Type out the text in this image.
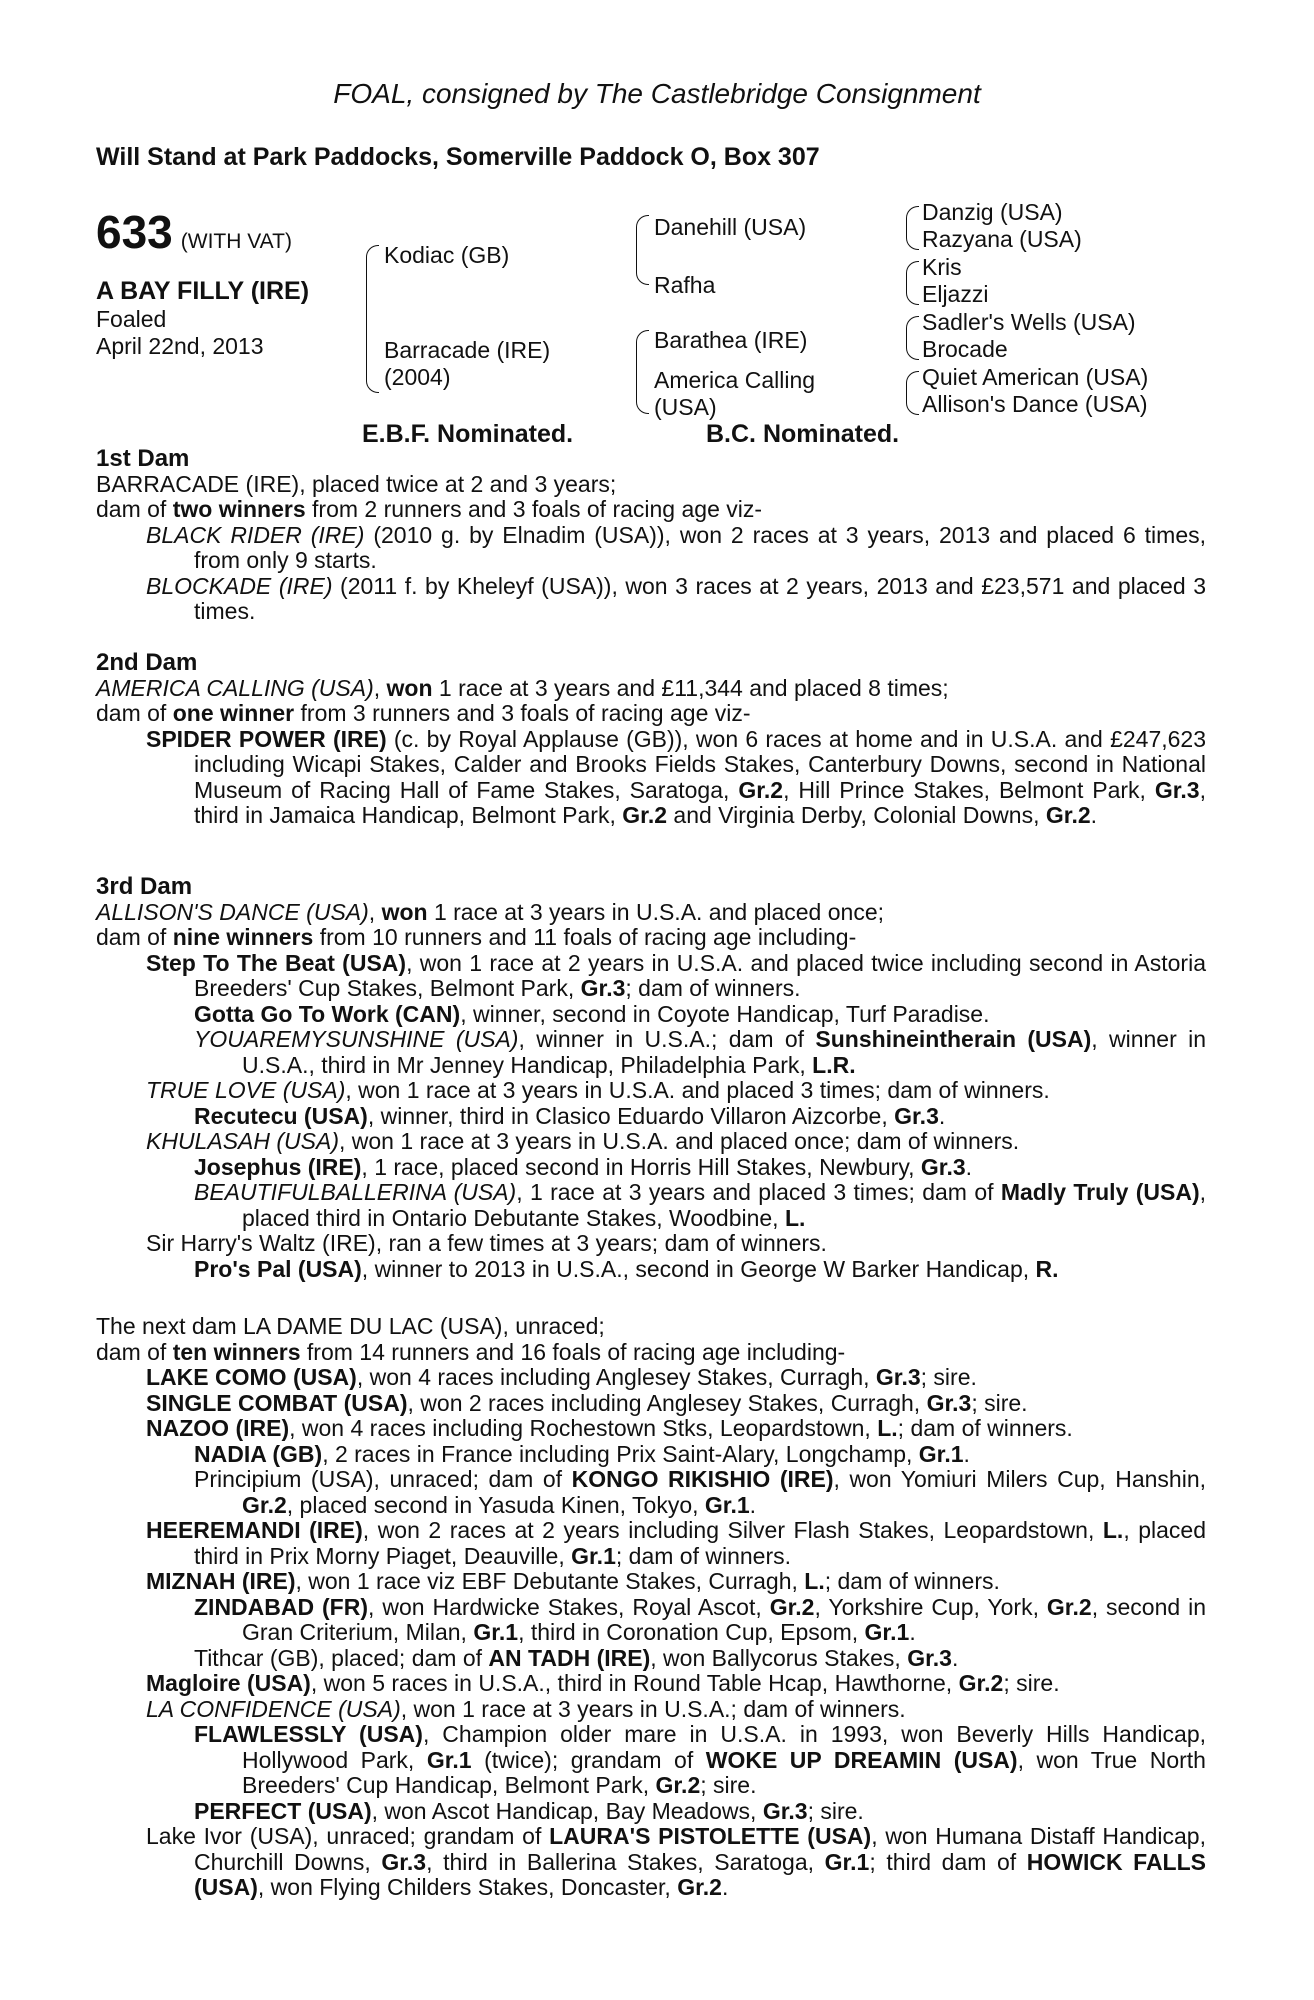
FOAL, consigned by The Castlebridge Consignment
Will Stand at Park Paddocks, Somerville Paddock O, Box 307
633 (WITH VAT)
A BAY FILLY (IRE)
Foaled
April 22nd, 2013
Kodiac (GB)
Barracade (IRE)
(2004)
Danehill (USA)
Rafha
Barathea (IRE)
America Calling
(USA)
Danzig (USA)
Razyana (USA)
Kris
Eljazzi
Sadler's Wells (USA)
Brocade
Quiet American (USA)
Allison's Dance (USA)
E.B.F. Nominated.	B.C. Nominated.

1st Dam

BARRACADE (IRE), placed twice at 2 and 3 years;

dam of two winners from 2 runners and 3 foals of racing age viz-

BLACK RIDER (IRE) (2010 g. by Elnadim (USA)), won 2 races at 3 years, 2013 and placed 6 times, from only 9 starts.

BLOCKADE (IRE) (2011 f. by Kheleyf (USA)), won 3 races at 2 years, 2013 and £23,571 and placed 3 times.

2nd Dam

AMERICA CALLING (USA), won 1 race at 3 years and £11,344 and placed 8 times;

dam of one winner from 3 runners and 3 foals of racing age viz-

SPIDER POWER (IRE) (c. by Royal Applause (GB)), won 6 races at home and in U.S.A. and £247,623 including Wicapi Stakes, Calder and Brooks Fields Stakes, Canterbury Downs, second in National Museum of Racing Hall of Fame Stakes, Saratoga, Gr.2, Hill Prince Stakes, Belmont Park, Gr.3, third in Jamaica Handicap, Belmont Park, Gr.2 and Virginia Derby, Colonial Downs, Gr.2.

3rd Dam

ALLISON'S DANCE (USA), won 1 race at 3 years in U.S.A. and placed once;

dam of nine winners from 10 runners and 11 foals of racing age including-

Step To The Beat (USA), won 1 race at 2 years in U.S.A. and placed twice including second in Astoria Breeders' Cup Stakes, Belmont Park, Gr.3; dam of winners.

Gotta Go To Work (CAN), winner, second in Coyote Handicap, Turf Paradise.

YOUAREMYSUNSHINE (USA), winner in U.S.A.; dam of Sunshineintherain (USA), winner in U.S.A., third in Mr Jenney Handicap, Philadelphia Park, L.R.

TRUE LOVE (USA), won 1 race at 3 years in U.S.A. and placed 3 times; dam of winners.

Recutecu (USA), winner, third in Clasico Eduardo Villaron Aizcorbe, Gr.3.

KHULASAH (USA), won 1 race at 3 years in U.S.A. and placed once; dam of winners.

Josephus (IRE), 1 race, placed second in Horris Hill Stakes, Newbury, Gr.3.

BEAUTIFULBALLERINA (USA), 1 race at 3 years and placed 3 times; dam of Madly Truly (USA), placed third in Ontario Debutante Stakes, Woodbine, L.

Sir Harry's Waltz (IRE), ran a few times at 3 years; dam of winners.

Pro's Pal (USA), winner to 2013 in U.S.A., second in George W Barker Handicap, R.

The next dam LA DAME DU LAC (USA), unraced;

dam of ten winners from 14 runners and 16 foals of racing age including-

LAKE COMO (USA), won 4 races including Anglesey Stakes, Curragh, Gr.3; sire.

SINGLE COMBAT (USA), won 2 races including Anglesey Stakes, Curragh, Gr.3; sire.

NAZOO (IRE), won 4 races including Rochestown Stks, Leopardstown, L.; dam of winners.

NADIA (GB), 2 races in France including Prix Saint-Alary, Longchamp, Gr.1.

Principium (USA), unraced; dam of KONGO RIKISHIO (IRE), won Yomiuri Milers Cup, Hanshin, Gr.2, placed second in Yasuda Kinen, Tokyo, Gr.1.

HEEREMANDI (IRE), won 2 races at 2 years including Silver Flash Stakes, Leopardstown, L., placed third in Prix Morny Piaget, Deauville, Gr.1; dam of winners.

MIZNAH (IRE), won 1 race viz EBF Debutante Stakes, Curragh, L.; dam of winners.

ZINDABAD (FR), won Hardwicke Stakes, Royal Ascot, Gr.2, Yorkshire Cup, York, Gr.2, second in Gran Criterium, Milan, Gr.1, third in Coronation Cup, Epsom, Gr.1.

Tithcar (GB), placed; dam of AN TADH (IRE), won Ballycorus Stakes, Gr.3.

Magloire (USA), won 5 races in U.S.A., third in Round Table Hcap, Hawthorne, Gr.2; sire.

LA CONFIDENCE (USA), won 1 race at 3 years in U.S.A.; dam of winners.

FLAWLESSLY (USA), Champion older mare in U.S.A. in 1993, won Beverly Hills Handicap, Hollywood Park, Gr.1 (twice); grandam of WOKE UP DREAMIN (USA), won True North Breeders' Cup Handicap, Belmont Park, Gr.2; sire.

PERFECT (USA), won Ascot Handicap, Bay Meadows, Gr.3; sire.

Lake Ivor (USA), unraced; grandam of LAURA'S PISTOLETTE (USA), won Humana Distaff Handicap, Churchill Downs, Gr.3, third in Ballerina Stakes, Saratoga, Gr.1; third dam of HOWICK FALLS (USA), won Flying Childers Stakes, Doncaster, Gr.2.
